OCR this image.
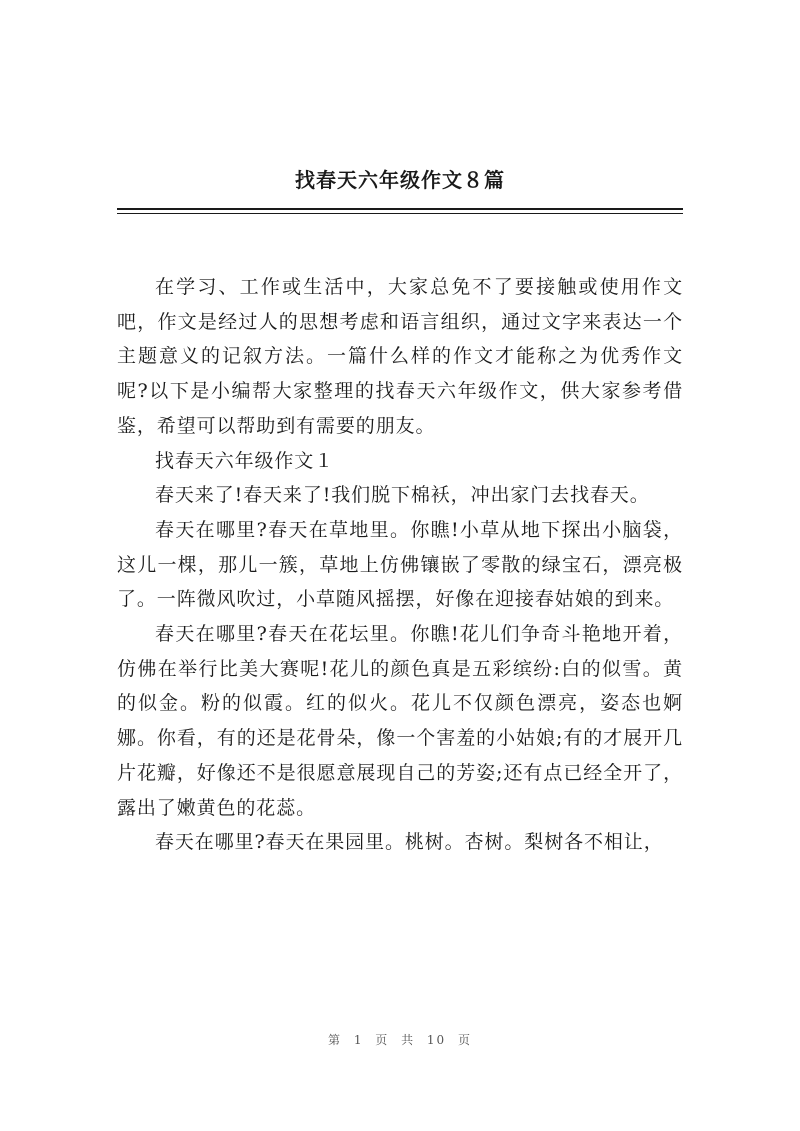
找春天六年级作文８篇

在学习、工作或生活中，大家总免不了要接触或使用作文吧，作文是经过人的思想考虑和语言组织，通过文字来表达一个主题意义的记叙方法。一篇什么样的作文才能称之为优秀作文呢?以下是小编帮大家整理的找春天六年级作文，供大家参考借鉴，希望可以帮助到有需要的朋友。

找春天六年级作文１

春天来了!春天来了!我们脱下棉袄，冲出家门去找春天。

春天在哪里?春天在草地里。你瞧!小草从地下探出小脑袋，这儿一棵，那儿一簇，草地上仿佛镶嵌了零散的绿宝石，漂亮极了。一阵微风吹过，小草随风摇摆，好像在迎接春姑娘的到来。

春天在哪里?春天在花坛里。你瞧!花儿们争奇斗艳地开着，仿佛在举行比美大赛呢!花儿的颜色真是五彩缤纷:白的似雪。黄的似金。粉的似霞。红的似火。花儿不仅颜色漂亮，姿态也婀娜。你看，有的还是花骨朵，像一个害羞的小姑娘;有的才展开几片花瓣，好像还不是很愿意展现自己的芳姿;还有点已经全开了，露出了嫩黄色的花蕊。

春天在哪里?春天在果园里。桃树。杏树。梨树各不相让，

第 1 页 共 10 页
